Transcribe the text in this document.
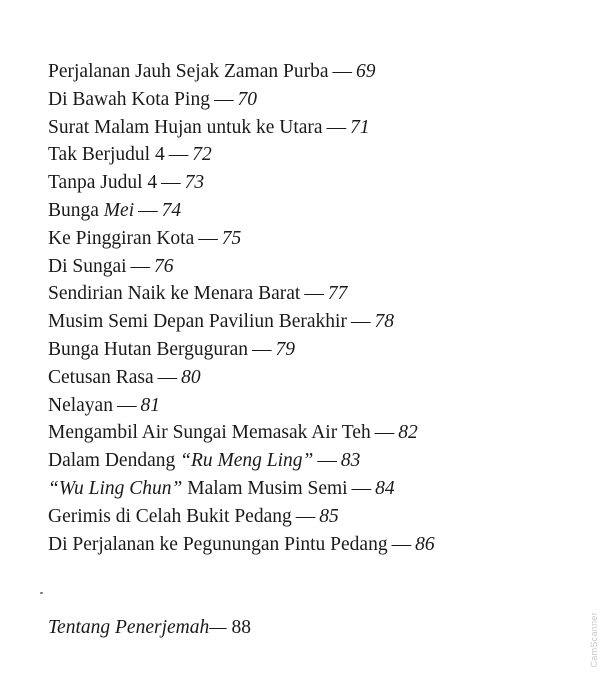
Perjalanan Jauh Sejak Zaman Purba — 69
Di Bawah Kota Ping — 70
Surat Malam Hujan untuk ke Utara — 71
Tak Berjudul 4 — 72
Tanpa Judul 4 — 73
Bunga Mei — 74
Ke Pinggiran Kota — 75
Di Sungai — 76
Sendirian Naik ke Menara Barat — 77
Musim Semi Depan Paviliun Berakhir — 78
Bunga Hutan Berguguran — 79
Cetusan Rasa — 80
Nelayan — 81
Mengambil Air Sungai Memasak Air Teh — 82
Dalam Dendang “Ru Meng Ling” — 83
“Wu Ling Chun” Malam Musim Semi — 84
Gerimis di Celah Bukit Pedang — 85
Di Perjalanan ke Pegunungan Pintu Pedang — 86
Tentang Penerjemah— 88	CamScanner
